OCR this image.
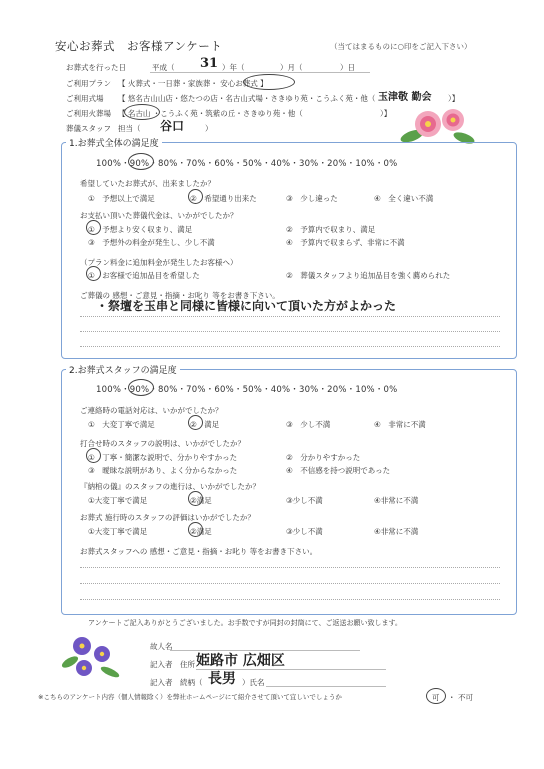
安心お葬式　お客様アンケート	（当てはまるものに○印をご記入下さい）
お葬式を行った日	平成（ 31 ）年（	）月（	）日
ご利用プラン 【 火葬式・一日葬・家族葬・ 安心お葬式 】
ご利用式場 【 悠名古山山店・悠たつの店・名古山式場・さきゆり苑・こうふく苑・他（ 玉津敬 勤会 ）】
ご利用火葬場 【 名古山 ・こうふく苑・筑紫の丘・さきゆり苑・他（	）】
葬儀スタッフ 担当（ 谷口	）
1.お葬式全体の満足度
100%・90%・80%・70%・60%・50%・40%・30%・20%・10%・0%
希望していたお葬式が、出来ましたか？
①　予想以上で満足	②　希望通り出来た	③　少し違った	④　全く違い不満
お支払い頂いた葬儀代金は、いかがでしたか？
①　予想より安く収まり、満足	②　予算内で収まり、満足
③　予想外の料金が発生し、少し不満	④　予算内で収まらず、非常に不満
（プラン料金に追加料金が発生したお客様へ）
①　お客様で追加品目を希望した	②　葬儀スタッフより追加品目を強く薦められた
ご葬儀の 感想・ご意見・指摘・お叱り 等をお書き下さい。
・祭壇を玉串と同様に皆様に向いて頂いた方がよかった
2.お葬式スタッフの満足度
100%・90%・80%・70%・60%・50%・40%・30%・20%・10%・0%
ご連絡時の電話対応は、いかがでしたか？
①　大変丁寧で満足	②　満足	③　少し不満	④　非常に不満
打合せ時のスタッフの説明は、いかがでしたか？
①　丁寧・簡潔な説明で、分かりやすかった	②　分かりやすかった
③　曖昧な説明があり、よく分からなかった	④　不信感を持つ説明であった
『納棺の儀』のスタッフの進行は、いかがでしたか？
①大変丁寧で満足	②満足	③少し不満	④非常に不満
お葬式 施行時のスタッフの評価はいかがでしたか？
①大変丁寧で満足	②満足	③少し不満	④非常に不満
お葬式スタッフへの 感想・ご意見・指摘・お叱り 等をお書き下さい。
アンケートご記入ありがとうございました。お手数ですが同封の封筒にて、ご返送お願い致します。
故人名
記入者　住所 姫路市 広畑区
記入者　続柄（ 長男 ）氏名
※こちらのアンケート内容（個人情報除く）を弊社ホームページにて紹介させて頂いて宜しいでしょうか	可 ・ 不可
